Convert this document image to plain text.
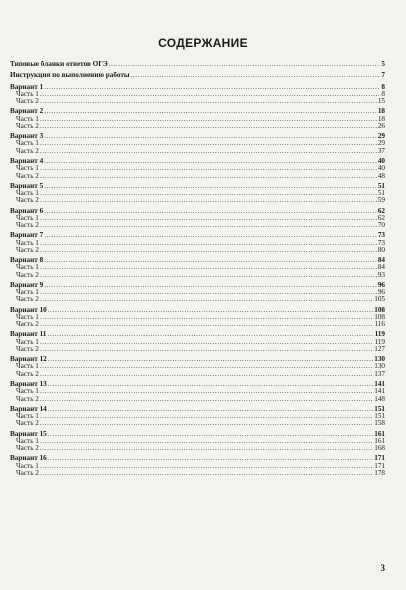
СОДЕРЖАНИЕ
Типовые бланки ответов ОГЭ .....	5
Инструкция по выполнению работы .....	7
Вариант 1 .....	8
Часть 1 .....	8
Часть 2 .....	15
Вариант 2 .....	18
Часть 1 .....	18
Часть 2 .....	26
Вариант 3 .....	29
Часть 1 .....	29
Часть 2 .....	37
Вариант 4 .....	40
Часть 1 .....	40
Часть 2 .....	48
Вариант 5 .....	51
Часть 1 .....	51
Часть 2 .....	59
Вариант 6 .....	62
Часть 1 .....	62
Часть 2 .....	70
Вариант 7 .....	73
Часть 1 .....	73
Часть 2 .....	80
Вариант 8 .....	84
Часть 1 .....	84
Часть 2 .....	93
Вариант 9 .....	96
Часть 1 .....	96
Часть 2 .....	105
Вариант 10 .....	108
Часть 1 .....	108
Часть 2 .....	116
Вариант 11 .....	119
Часть 1 .....	119
Часть 2 .....	127
Вариант 12 .....	130
Часть 1 .....	130
Часть 2 .....	137
Вариант 13 .....	141
Часть 1 .....	141
Часть 2 .....	148
Вариант 14 .....	151
Часть 1 .....	151
Часть 2 .....	158
Вариант 15 .....	161
Часть 1 .....	161
Часть 2 .....	168
Вариант 16 .....	171
Часть 1 .....	171
Часть 2 .....	178
3
